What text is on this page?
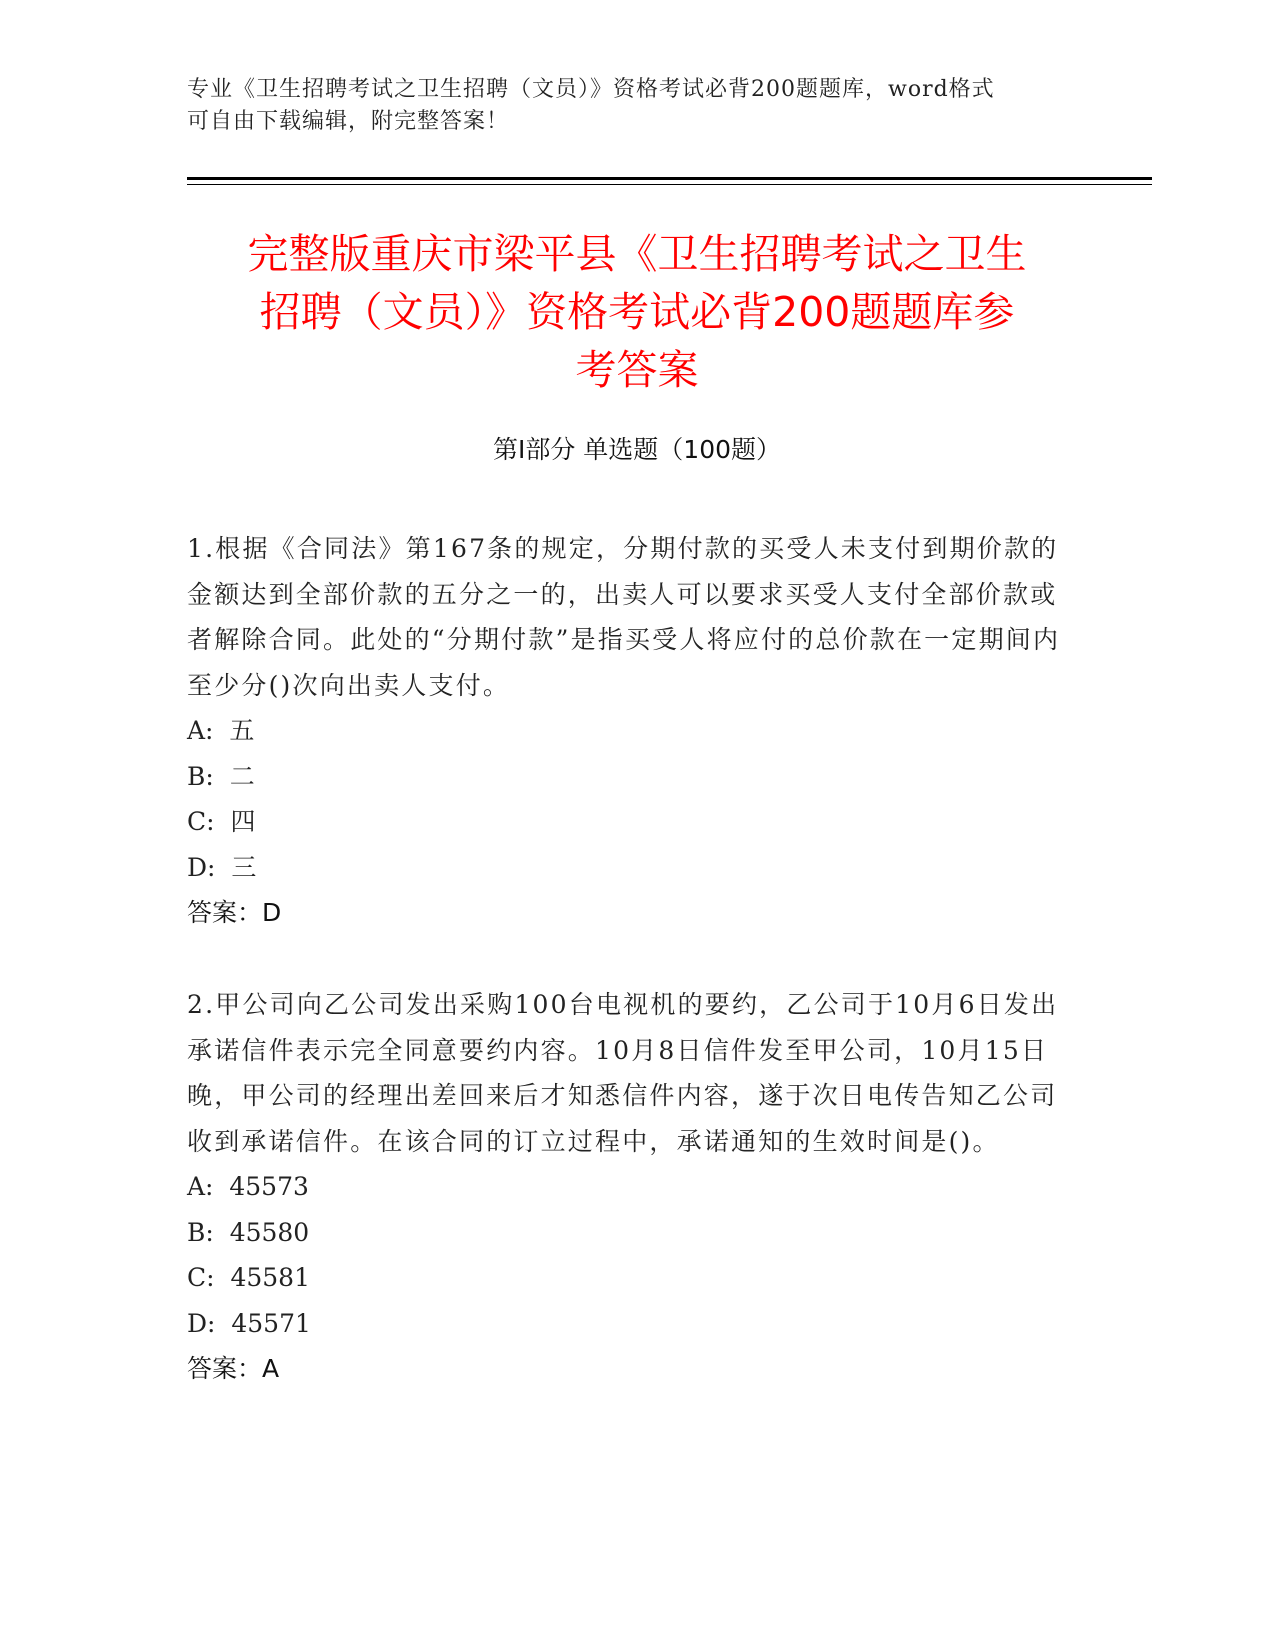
专业《卫生招聘考试之卫生招聘（文员）》资格考试必背200题题库，word格式
可自由下载编辑，附完整答案！
完整版重庆市梁平县《卫生招聘考试之卫生
招聘（文员）》资格考试必背200题题库参
考答案
第Ⅰ部分 单选题（100题）
1.根据《合同法》第167条的规定，分期付款的买受人未支付到期价款的金额达到全部价款的五分之一的，出卖人可以要求买受人支付全部价款或者解除合同。此处的“分期付款”是指买受人将应付的总价款在一定期间内至少分()次向出卖人支付。
A:  五
B:  二
C:  四
D:  三
答案：D
2.甲公司向乙公司发出采购100台电视机的要约，乙公司于10月6日发出承诺信件表示完全同意要约内容。10月8日信件发至甲公司，10月15日晚，甲公司的经理出差回来后才知悉信件内容，遂于次日电传告知乙公司收到承诺信件。在该合同的订立过程中，承诺通知的生效时间是()。
A:  45573
B:  45580
C:  45581
D:  45571
答案：A
